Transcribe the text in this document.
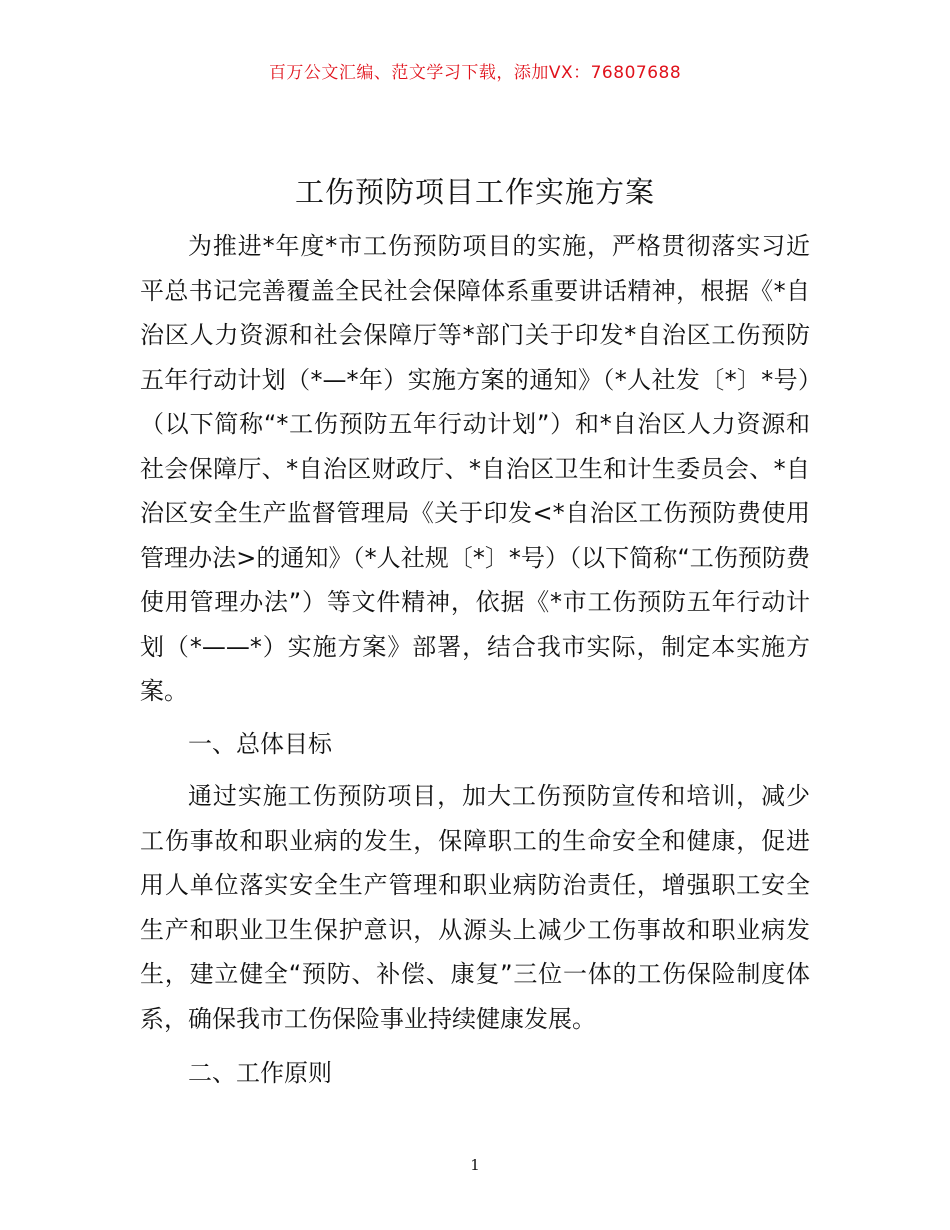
百万公文汇编、范文学习下载，添加VX：76807688
工伤预防项目工作实施方案

为推进*年度*市工伤预防项目的实施，严格贯彻落实习近平总书记完善覆盖全民社会保障体系重要讲话精神，根据《*自治区人力资源和社会保障厅等*部门关于印发*自治区工伤预防五年行动计划（*—*年）实施方案的通知》（*人社发〔*〕*号）（以下简称“*工伤预防五年行动计划”）和*自治区人力资源和社会保障厅、*自治区财政厅、*自治区卫生和计生委员会、*自治区安全生产监督管理局《关于印发<*自治区工伤预防费使用管理办法>的通知》（*人社规〔*〕*号）（以下简称“工伤预防费使用管理办法”）等文件精神，依据《*市工伤预防五年行动计划（*——*）实施方案》部署，结合我市实际，制定本实施方案。

一、总体目标

通过实施工伤预防项目，加大工伤预防宣传和培训，减少工伤事故和职业病的发生，保障职工的生命安全和健康，促进用人单位落实安全生产管理和职业病防治责任，增强职工安全生产和职业卫生保护意识，从源头上减少工伤事故和职业病发生，建立健全“预防、补偿、康复”三位一体的工伤保险制度体系，确保我市工伤保险事业持续健康发展。

二、工作原则

1
